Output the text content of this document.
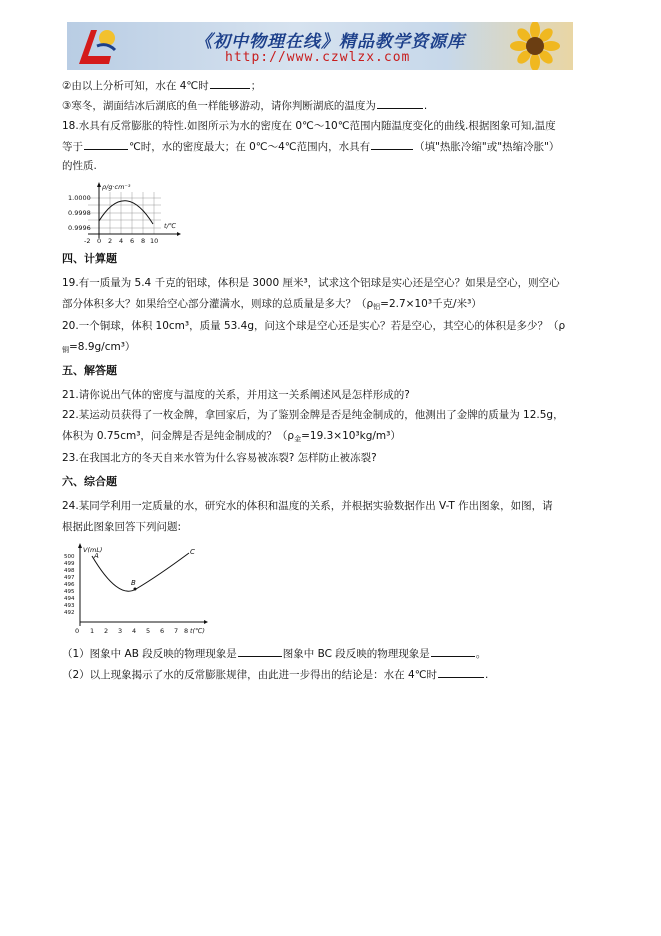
《初中物理在线》精品教学资源库
http://www.czwlzx.com
②由以上分析可知，水在 4℃时	；
③寒冬，湖面结冰后湖底的鱼一样能够游动，请你判断湖底的温度为	.
18.水具有反常膨胀的特性.如图所示为水的密度在 0℃～10℃范围内随温度变化的曲线.根据图象可知,温度
等于	℃时，水的密度最大；在 0℃～4℃范围内，水具有	（填"热胀冷缩"或"热缩冷胀"）
的性质.
ρ/g·cm⁻³
t/℃
1.0000
0.9998
0.9996
-2 0 2 4 6 8 10
四、计算题
19.有一质量为 5.4 千克的铝球，体积是 3000 厘米³，试求这个铝球是实心还是空心？如果是空心，则空心
部分体积多大？如果给空心部分灌满水，则球的总质量是多大？（$\rho_铝=2.7\times 10^3$千克/米³）
20.一个铜球，体积 10cm³，质量 53.4g，问这个球是空心还是实心？若是空心，其空心的体积是多少？（ρ
$_铜$=8.9g/cm³）
五、解答题
21.请你说出气体的密度与温度的关系，并用这一关系阐述风是怎样形成的?
22.某运动员获得了一枚金牌，拿回家后，为了鉴别金牌是否是纯金制成的，他测出了金牌的质量为 12.5g，
体积为 0.75cm³，问金牌是否是纯金制成的？$(\rho_金=19.3\times 10^3kg/m^3)$
23.在我国北方的冬天自来水管为什么容易被冻裂? 怎样防止被冻裂?
六、综合题
24.某同学利用一定质量的水，研究水的体积和温度的关系，并根据实验数据作出 V-T 作出图象，如图，请
根据此图象回答下列问题:
V(mL)
A
B
C
t(℃)
500
499
498
497
496
495
494
493
492
0 1 2 3 4 5 6 7 8
（1）图象中 AB 段反映的物理现象是	图象中 BC 段反映的物理现象是	。
（2）以上现象揭示了水的反常膨胀规律，由此进一步得出的结论是：水在 4℃时	.
